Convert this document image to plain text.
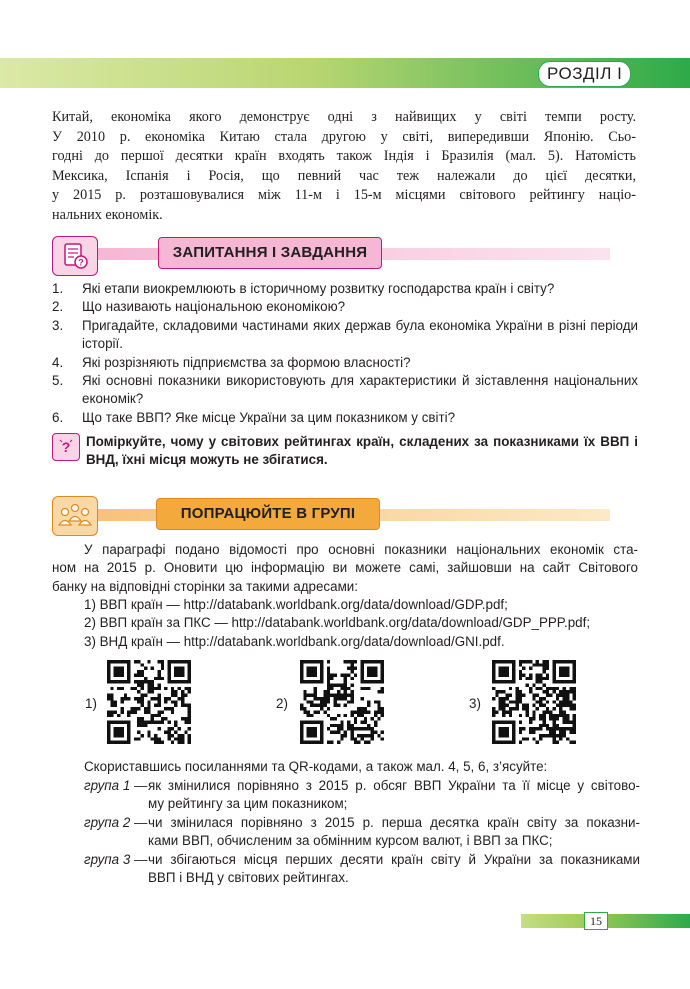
РОЗДІЛ I
Китай, економіка якого демонструє одні з найвищих у світі темпи росту.
У 2010 р. економіка Китаю стала другою у світі, випередивши Японію. Сьо-
годні до першої десятки країн входять також Індія і Бразилія (мал. 5). Натомість
Мексика, Іспанія і Росія, що певний час теж належали до цієї десятки,
у 2015 р. розташовувалися між 11-м і 15-м місцями світового рейтингу націо-
нальних економік.
?
ЗАПИТАННЯ І ЗАВДАННЯ
1. Які етапи виокремлюють в історичному розвитку господарства країн і світу?
2. Що називають національною економікою?
3. Пригадайте, складовими частинами яких держав була економіка України в різні періоди історії.
4. Які розрізняють підприємства за формою власності?
5. Які основні показники використовують для характеристики й зіставлення національних економік?
6. Що таке ВВП? Яке місце України за цим показником у світі?
? Поміркуйте, чому у світових рейтингах країн, складених за показниками їх ВВП і
ВНД, їхні місця можуть не збігатися.
ПОПРАЦЮЙТЕ В ГРУПІ
У параграфі подано відомості про основні показники національних економік ста-
ном на 2015 р. Оновити цю інформацію ви можете самі, зайшовши на сайт Світового
банку на відповідні сторінки за такими адресами:
1) ВВП країн — http://databank.worldbank.org/data/download/GDP.pdf;
2) ВВП країн за ПКС — http://databank.worldbank.org/data/download/GDP_PPP.pdf;
3) ВНД країн — http://databank.worldbank.org/data/download/GNI.pdf.
1)	2)	3)
Скориставшись посиланнями та QR-кодами, а також мал. 4, 5, 6, з’ясуйте:
група 1 — як змінилися порівняно з 2015 р. обсяг ВВП України та її місце у світово-
му рейтингу за цим показником;
група 2 — чи змінилася порівняно з 2015 р. перша десятка країн світу за показни-
ками ВВП, обчисленим за обмінним курсом валют, і ВВП за ПКС;
група 3 — чи збігаються місця перших десяти країн світу й України за показниками
ВВП і ВНД у світових рейтингах.
15
